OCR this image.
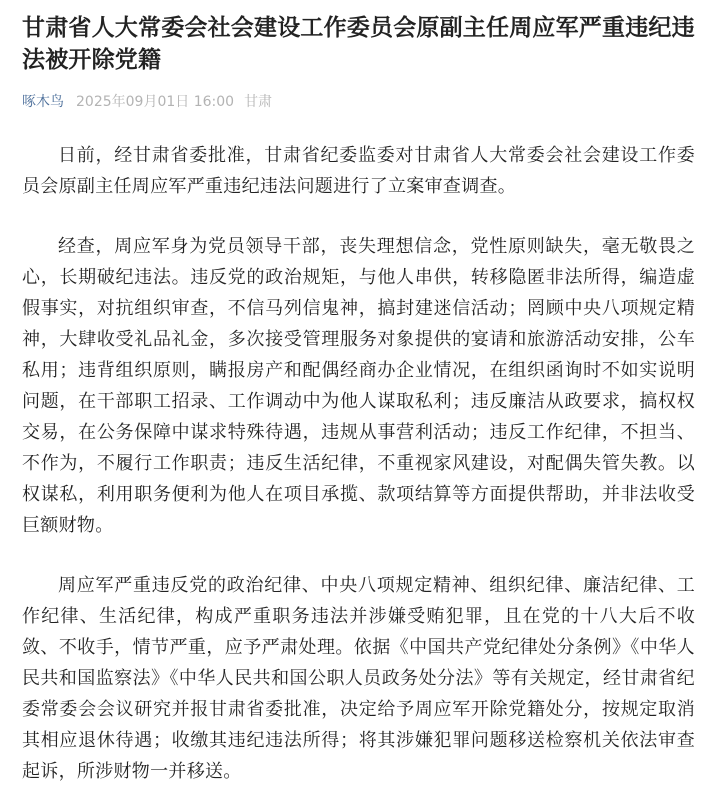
甘肃省人大常委会社会建设工作委员会原副主任周应军严重违纪违法被开除党籍
啄木鸟 2025年09月01日 16:00 甘肃

日前，经甘肃省委批准，甘肃省纪委监委对甘肃省人大常委会社会建设工作委员会原副主任周应军严重违纪违法问题进行了立案审查调查。

经查，周应军身为党员领导干部，丧失理想信念，党性原则缺失，毫无敬畏之心，长期破纪违法。违反党的政治规矩，与他人串供，转移隐匿非法所得，编造虚假事实，对抗组织审查，不信马列信鬼神，搞封建迷信活动；罔顾中央八项规定精神，大肆收受礼品礼金，多次接受管理服务对象提供的宴请和旅游活动安排，公车私用；违背组织原则，瞒报房产和配偶经商办企业情况，在组织函询时不如实说明问题，在干部职工招录、工作调动中为他人谋取私利；违反廉洁从政要求，搞权权交易，在公务保障中谋求特殊待遇，违规从事营利活动；违反工作纪律，不担当、不作为，不履行工作职责；违反生活纪律，不重视家风建设，对配偶失管失教。以权谋私，利用职务便利为他人在项目承揽、款项结算等方面提供帮助，并非法收受巨额财物。

周应军严重违反党的政治纪律、中央八项规定精神、组织纪律、廉洁纪律、工作纪律、生活纪律，构成严重职务违法并涉嫌受贿犯罪，且在党的十八大后不收敛、不收手，情节严重，应予严肃处理。依据《中国共产党纪律处分条例》《中华人民共和国监察法》《中华人民共和国公职人员政务处分法》等有关规定，经甘肃省纪委常委会会议研究并报甘肃省委批准，决定给予周应军开除党籍处分，按规定取消其相应退休待遇；收缴其违纪违法所得；将其涉嫌犯罪问题移送检察机关依法审查起诉，所涉财物一并移送。
